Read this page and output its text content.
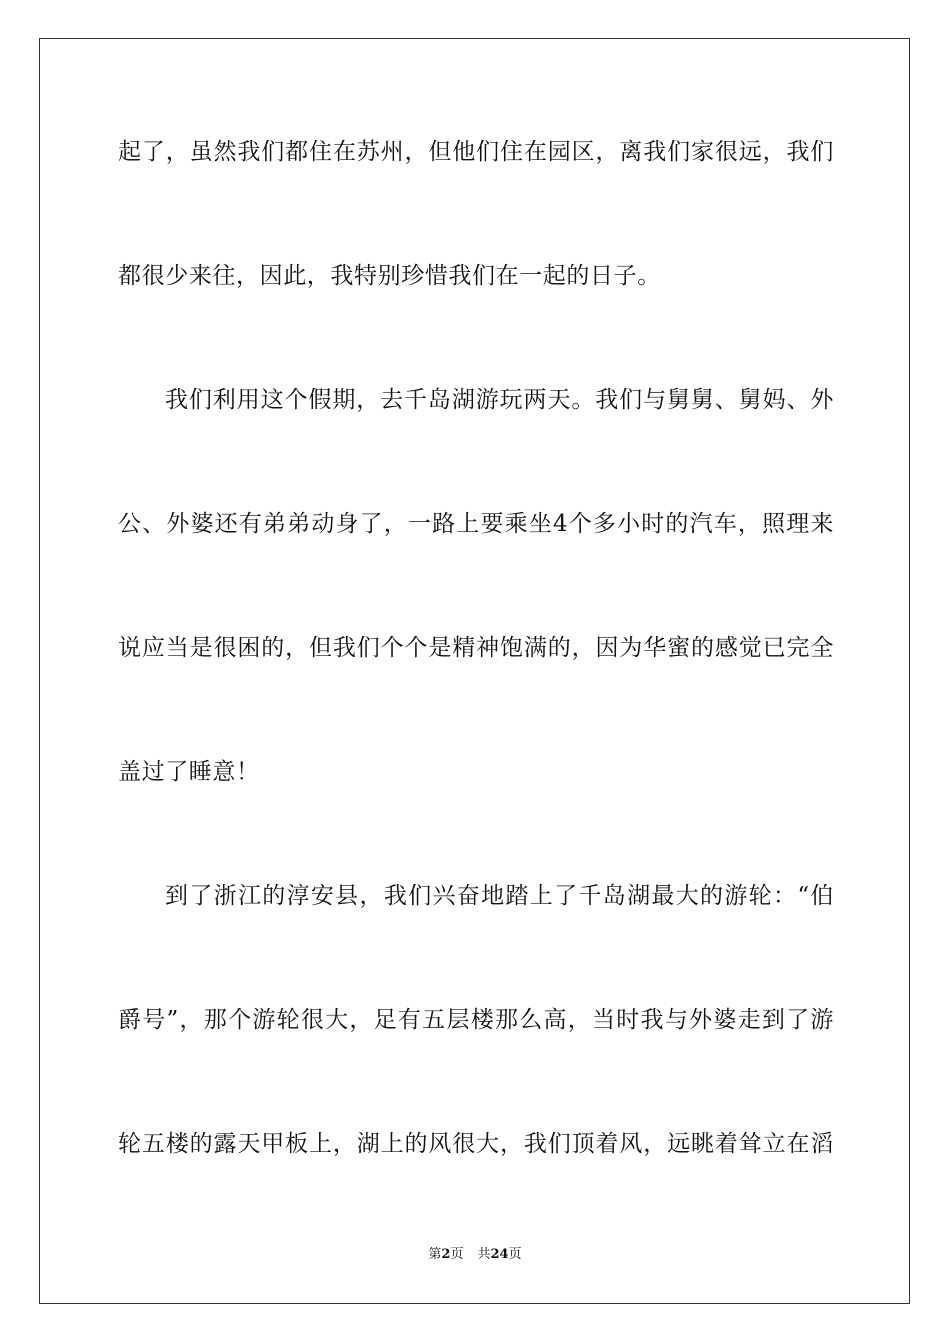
起了，虽然我们都住在苏州，但他们住在园区，离我们家很远，我们
都很少来往，因此，我特别珍惜我们在一起的日子。
我们利用这个假期，去千岛湖游玩两天。我们与舅舅、舅妈、外
公、外婆还有弟弟动身了，一路上要乘坐4个多小时的汽车，照理来
说应当是很困的，但我们个个是精神饱满的，因为华蜜的感觉已完全
盖过了睡意！
到了浙江的淳安县，我们兴奋地踏上了千岛湖最大的游轮：“伯
爵号”，那个游轮很大，足有五层楼那么高，当时我与外婆走到了游
轮五楼的露天甲板上，湖上的风很大，我们顶着风，远眺着耸立在滔
第2页 共24页
